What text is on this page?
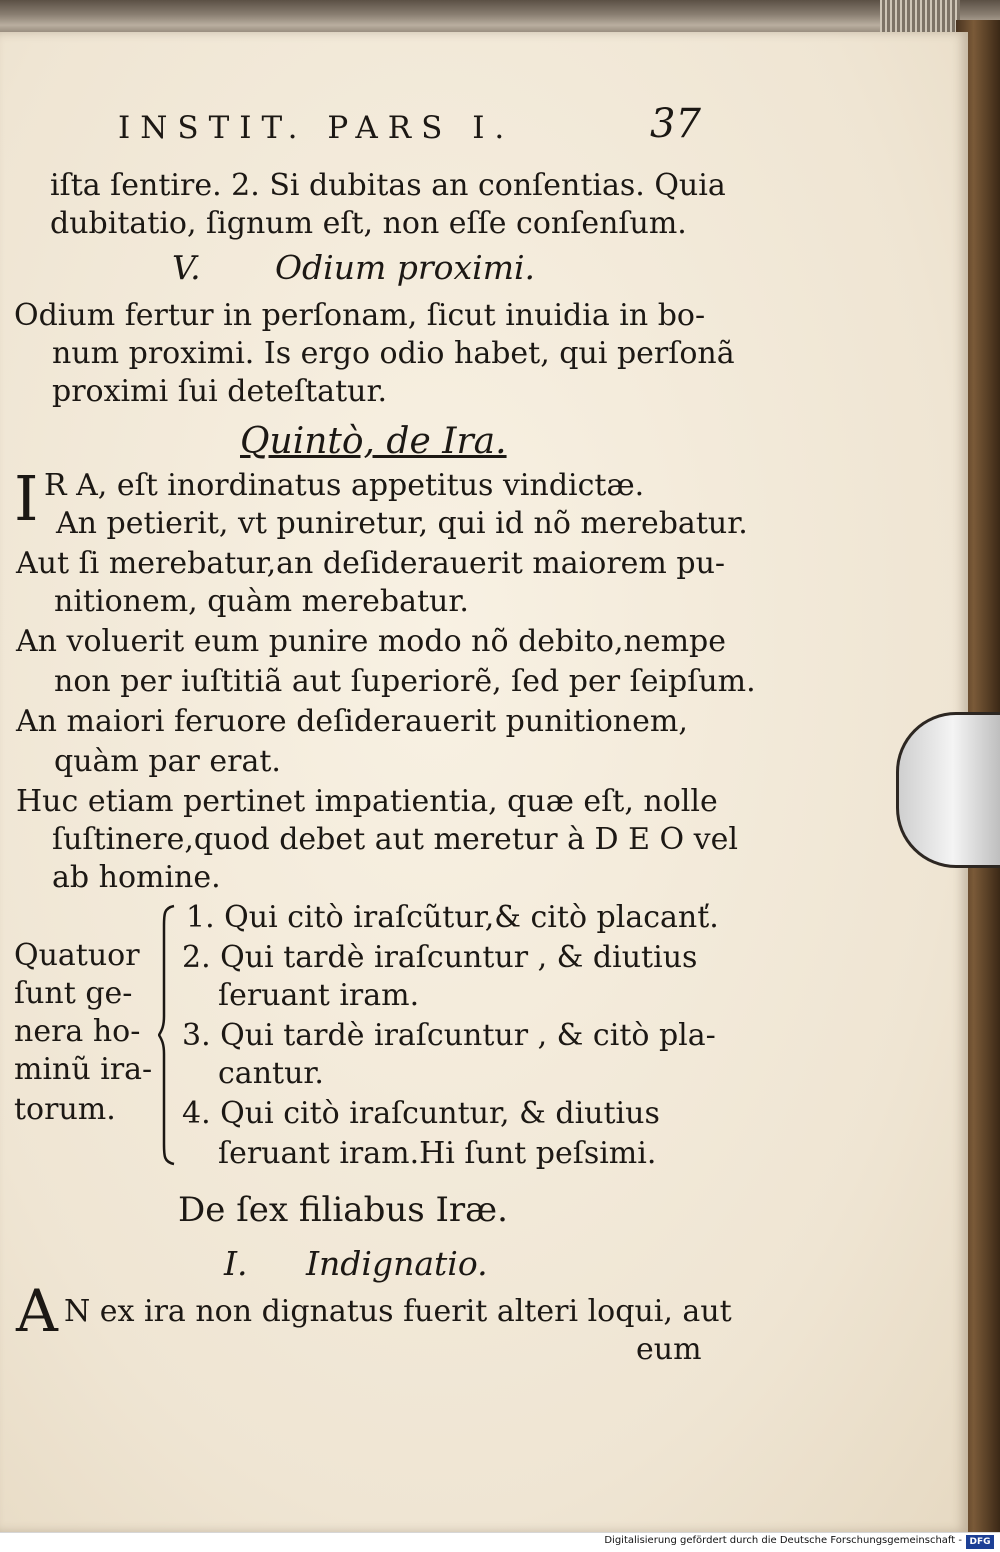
INSTIT. PARS I.	37
iſta ſentire. 2. Si dubitas an conſentias. Quia
dubitatio, ſignum eſt, non eſſe conſenſum.
V. Odium proximi.
Odium fertur in perſonam, ſicut inuidia in bo-
num proximi. Is ergo odio habet, qui perſonã
proximi ſui deteſtatur.
Quintò, de Ira.
I R A, eſt inordinatus appetitus vindictæ.
An petierit, vt puniretur, qui id nõ merebatur.
Aut ſi merebatur,an deſiderauerit maiorem pu-
nitionem, quàm merebatur.
An voluerit eum punire modo nõ debito,nempe
non per iuſtitiã aut ſuperiorẽ, ſed per ſeipſum.
An maiori feruore deſiderauerit punitionem,
quàm par erat.
Huc etiam pertinet impatientia, quæ eſt, nolle
ſuſtinere,quod debet aut meretur à D E O vel
ab homine.
Quatuor
ſunt ge-
nera ho-
minũ ira-
torum.
1. Qui citò iraſcũtur,& citò placanť.
2. Qui tardè iraſcuntur , & diutius
ſeruant iram.
3. Qui tardè iraſcuntur , & citò pla-
cantur.
4. Qui citò iraſcuntur, & diutius
ſeruant iram.Hi ſunt peſsimi.
De ſex filiabus Iræ.
I. Indignatio.
A N ex ira non dignatus fuerit alteri loqui, aut
eum
Digitalisierung gefördert durch die Deutsche Forschungsgemeinschaft - DFG
